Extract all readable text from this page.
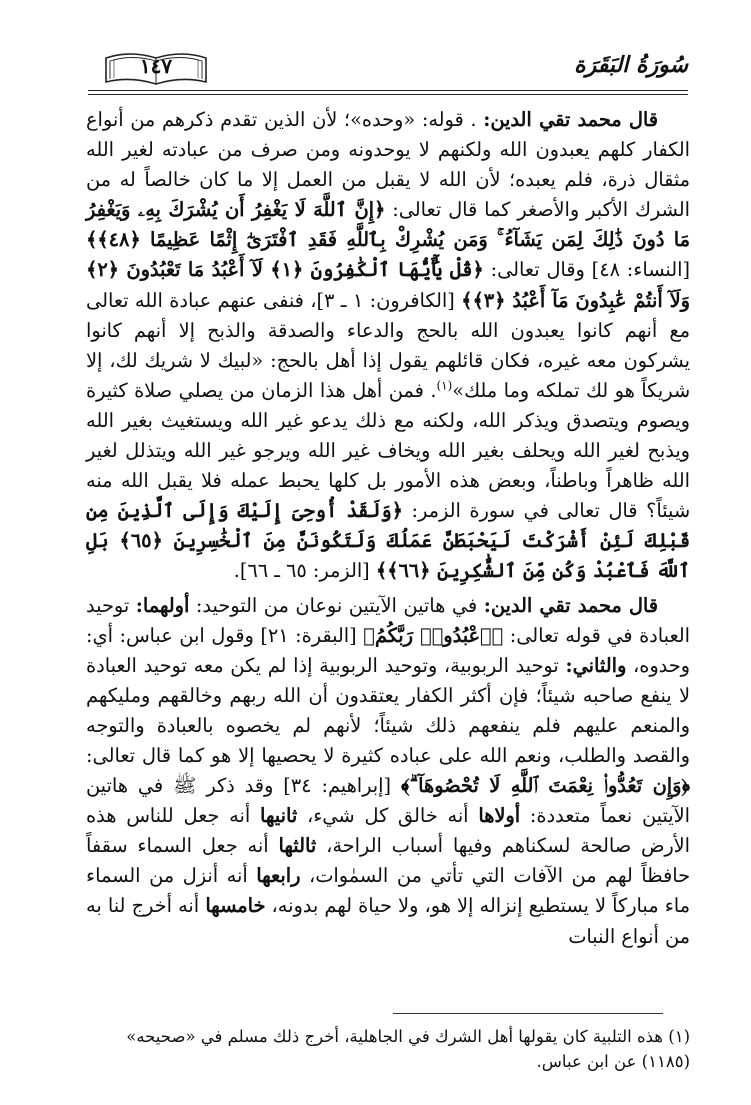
سُورَةُ البَقَرَة
١٤٧

قال محمد تقي الدين: . قوله: «وحده»؛ لأن الذين تقدم ذكرهم من أنواع الكفار كلهم يعبدون الله ولكنهم لا يوحدونه ومن صرف من عبادته لغير الله مثقال ذرة، فلم يعبده؛ لأن الله لا يقبل من العمل إلا ما كان خالصاً له من الشرك الأكبر والأصغر كما قال تعالى: ﴿إِنَّ ٱللَّهَ لَا يَغْفِرُ أَن يُشْرَكَ بِهِۦ وَيَغْفِرُ مَا دُونَ ذَٰلِكَ لِمَن يَشَآءُ ۚ وَمَن يُشْرِكْ بِٱللَّهِ فَقَدِ ٱفْتَرَىٰٓ إِثْمًا عَظِيمًا ﴿٤٨﴾﴾ [النساء: ٤٨] وقال تعالى: ﴿قُلْ يَٰٓأَيُّهَا ٱلْكَٰفِرُونَ ﴿١﴾ لَآ أَعْبُدُ مَا تَعْبُدُونَ ﴿٢﴾ وَلَآ أَنتُمْ عَٰبِدُونَ مَآ أَعْبُدُ ﴿٣﴾﴾ [الكافرون: ١ ـ ٣]، فنفى عنهم عبادة الله تعالى مع أنهم كانوا يعبدون الله بالحج والدعاء والصدقة والذبح إلا أنهم كانوا يشركون معه غيره، فكان قائلهم يقول إذا أهل بالحج: «لبيك لا شريك لك، إلا شريكاً هو لك تملكه وما ملك»$^{(١)}$. فمن أهل هذا الزمان من يصلي صلاة كثيرة ويصوم ويتصدق ويذكر الله، ولكنه مع ذلك يدعو غير الله ويستغيث بغير الله ويذبح لغير الله ويحلف بغير الله ويخاف غير الله ويرجو غير الله ويتذلل لغير الله ظاهراً وباطناً، وبعض هذه الأمور بل كلها يحبط عمله فلا يقبل الله منه شيئاً؟ قال تعالى في سورة الزمر: ﴿وَلَقَدْ أُوحِىَ إِلَيْكَ وَإِلَى ٱلَّذِينَ مِن قَبْلِكَ لَئِنْ أَشْرَكْتَ لَيَحْبَطَنَّ عَمَلُكَ وَلَتَكُونَنَّ مِنَ ٱلْخَٰسِرِينَ ﴿٦٥﴾ بَلِ ٱللَّهَ فَٱعْبُدْ وَكُن مِّنَ ٱلشَّٰكِرِينَ ﴿٦٦﴾﴾ [الزمر: ٦٥ ـ ٦٦].

قال محمد تقي الدين: في هاتين الآيتين نوعان من التوحيد: أولهما: توحيد العبادة في قوله تعالى: ﴿ٱعْبُدُوا۟ رَبَّكُمُ﴾ [البقرة: ٢١] وقول ابن عباس: أي: وحدوه، والثاني: توحيد الربوبية، وتوحيد الربوبية إذا لم يكن معه توحيد العبادة لا ينفع صاحبه شيئاً؛ فإن أكثر الكفار يعتقدون أن الله ربهم وخالقهم ومليكهم والمنعم عليهم فلم ينفعهم ذلك شيئاً؛ لأنهم لم يخصوه بالعبادة والتوجه والقصد والطلب، ونعم الله على عباده كثيرة لا يحصيها إلا هو كما قال تعالى: ﴿وَإِن تَعُدُّوا۟ نِعْمَتَ ٱللَّهِ لَا تُحْصُوهَآ ۗ﴾ [إبراهيم: ٣٤] وقد ذكر ﷺ في هاتين الآيتين نعماً متعددة: أولاها أنه خالق كل شيء، ثانيها أنه جعل للناس هذه الأرض صالحة لسكناهم وفيها أسباب الراحة، ثالثها أنه جعل السماء سقفاً حافظاً لهم من الآفات التي تأتي من السمٰوات، رابعها أنه أنزل من السماء ماء مباركاً لا يستطيع إنزاله إلا هو، ولا حياة لهم بدونه، خامسها أنه أخرج لنا به من أنواع النبات

(١) هذه التلبية كان يقولها أهل الشرك في الجاهلية، أخرج ذلك مسلم في «صحيحه» (١١٨٥) عن ابن عباس.
